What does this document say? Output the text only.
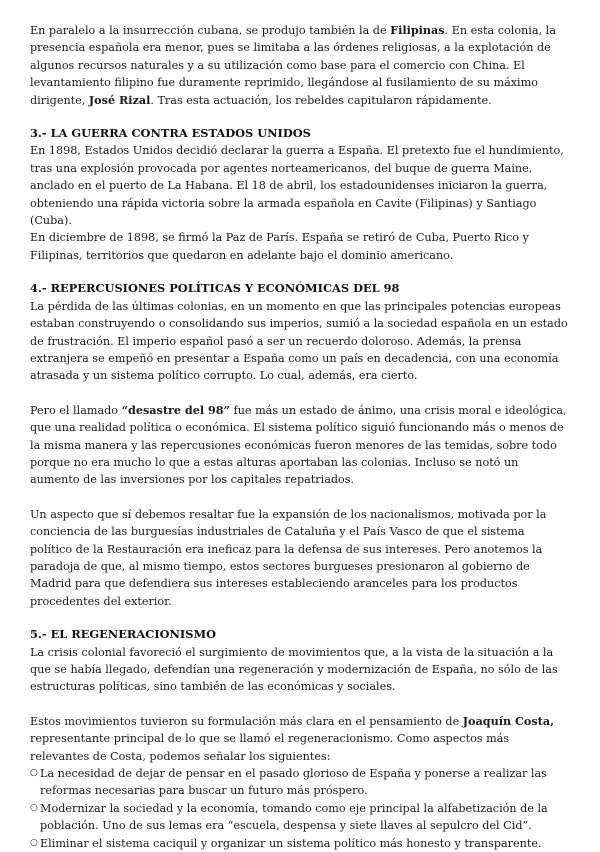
En paralelo a la insurrección cubana, se produjo también la de Filipinas. En esta colonia, la presencia española era menor, pues se limitaba a las órdenes religiosas, a la explotación de algunos recursos naturales y a su utilización como base para el comercio con China. El levantamiento filipino fue duramente reprimido, llegándose al fusilamiento de su máximo dirigente, José Rizal. Tras esta actuación, los rebeldes capitularon rápidamente.

3.- LA GUERRA CONTRA ESTADOS UNIDOS

En 1898, Estados Unidos decidió declarar la guerra a España. El pretexto fue el hundimiento, tras una explosión provocada por agentes norteamericanos, del buque de guerra Maine, anclado en el puerto de La Habana. El 18 de abril, los estadounidenses iniciaron la guerra, obteniendo una rápida victoria sobre la armada española en Cavite (Filipinas) y Santiago (Cuba).

En diciembre de 1898, se firmó la Paz de París. España se retiró de Cuba, Puerto Rico y Filipinas, territorios que quedaron en adelante bajo el dominio americano.

4.- REPERCUSIONES POLÍTICAS Y ECONÓMICAS DEL 98

La pérdida de las últimas colonias, en un momento en que las principales potencias europeas estaban construyendo o consolidando sus imperios, sumió a la sociedad española en un estado de frustración. El imperio español pasó a ser un recuerdo doloroso. Además, la prensa extranjera se empeñó en presentar a España como un país en decadencia, con una economía atrasada y un sistema político corrupto. Lo cual, además, era cierto.

Pero el llamado “desastre del 98” fue más un estado de ánimo, una crisis moral e ideológica, que una realidad política o económica. El sistema político siguió funcionando más o menos de la misma manera y las repercusiones económicas fueron menores de las temidas, sobre todo porque no era mucho lo que a estas alturas aportaban las colonias. Incluso se notó un aumento de las inversiones por los capitales repatriados.

Un aspecto que sí debemos resaltar fue la expansión de los nacionalismos, motivada por la conciencia de las burguesías industriales de Cataluña y el País Vasco de que el sistema político de la Restauración era ineficaz para la defensa de sus intereses. Pero anotemos la paradoja de que, al mismo tiempo, estos sectores burgueses presionaron al gobierno de Madrid para que defendiera sus intereses estableciendo aranceles para los productos procedentes del exterior.

5.- EL REGENERACIONISMO

La crisis colonial favoreció el surgimiento de movimientos que, a la vista de la situación a la que se había llegado, defendían una regeneración y modernización de España, no sólo de las estructuras políticas, sino también de las económicas y sociales.

Estos movimientos tuvieron su formulación más clara en el pensamiento de Joaquín Costa, representante principal de lo que se llamó el regeneracionismo. Como aspectos más relevantes de Costa, podemos señalar los siguientes:

○ La necesidad de dejar de pensar en el pasado glorioso de España y ponerse a realizar las reformas necesarias para buscar un futuro más próspero.
○ Modernizar la sociedad y la economía, tomando como eje principal la alfabetización de la población. Uno de sus lemas era “escuela, despensa y siete llaves al sepulcro del Cid”.
○ Eliminar el sistema caciquil y organizar un sistema político más honesto y transparente.
